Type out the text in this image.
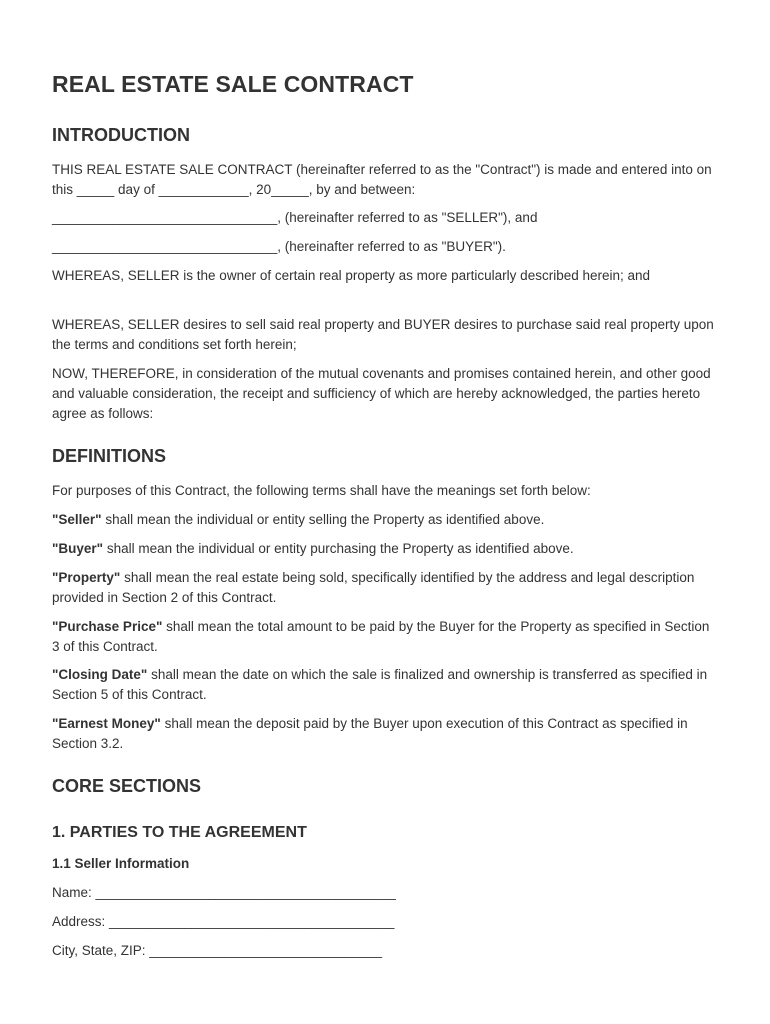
REAL ESTATE SALE CONTRACT
INTRODUCTION

THIS REAL ESTATE SALE CONTRACT (hereinafter referred to as the "Contract") is made and entered into on this _____ day of ____________, 20_____, by and between:

______________________________, (hereinafter referred to as "SELLER"), and

______________________________, (hereinafter referred to as "BUYER").

WHEREAS, SELLER is the owner of certain real property as more particularly described herein; and

WHEREAS, SELLER desires to sell said real property and BUYER desires to purchase said real property upon the terms and conditions set forth herein;

NOW, THEREFORE, in consideration of the mutual covenants and promises contained herein, and other good and valuable consideration, the receipt and sufficiency of which are hereby acknowledged, the parties hereto agree as follows:

DEFINITIONS

For purposes of this Contract, the following terms shall have the meanings set forth below:

"Seller" shall mean the individual or entity selling the Property as identified above.

"Buyer" shall mean the individual or entity purchasing the Property as identified above.

"Property" shall mean the real estate being sold, specifically identified by the address and legal description provided in Section 2 of this Contract.

"Purchase Price" shall mean the total amount to be paid by the Buyer for the Property as specified in Section 3 of this Contract.

"Closing Date" shall mean the date on which the sale is finalized and ownership is transferred as specified in Section 5 of this Contract.

"Earnest Money" shall mean the deposit paid by the Buyer upon execution of this Contract as specified in Section 3.2.

CORE SECTIONS
1. PARTIES TO THE AGREEMENT
1.1 Seller Information

Name: ________________________________________

Address: ______________________________________

City, State, ZIP: _______________________________
